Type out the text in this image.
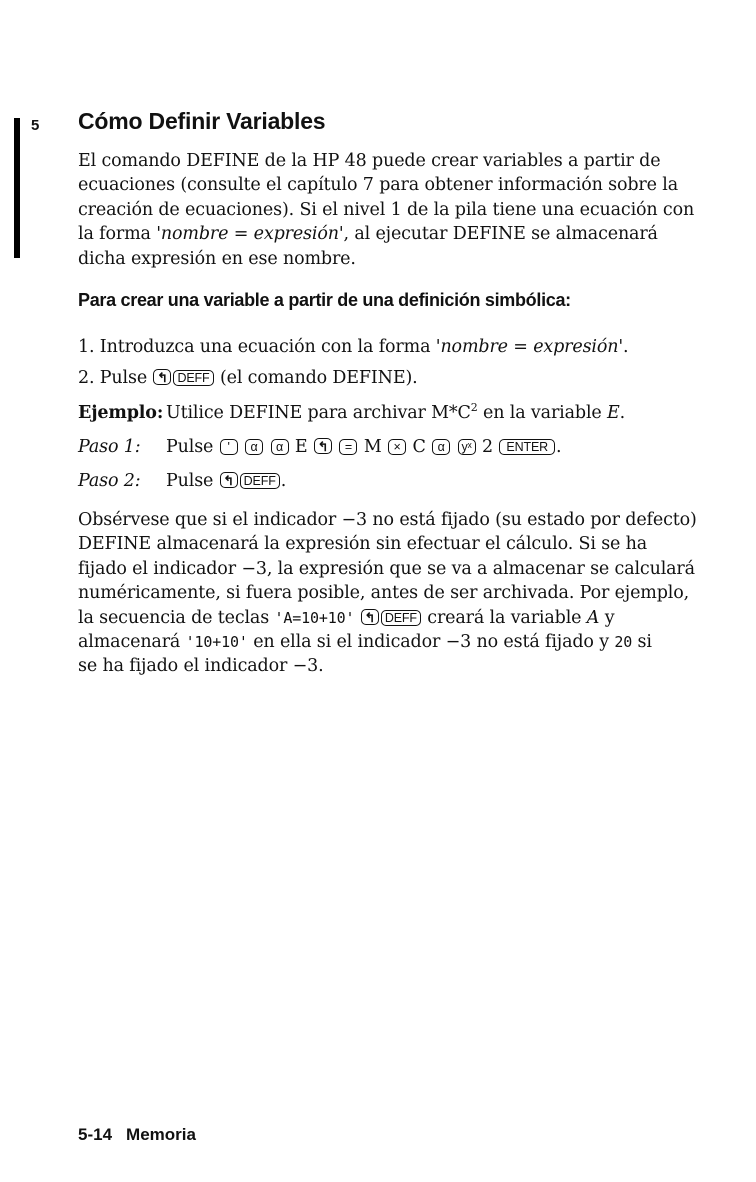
5 Cómo Definir Variables
El comando DEFINE de la HP 48 puede crear variables a partir de
ecuaciones (consulte el capítulo 7 para obtener información sobre la
creación de ecuaciones). Si el nivel 1 de la pila tiene una ecuación con
la forma 'nombre = expresión', al ejecutar DEFINE se almacenará
dicha expresión en ese nombre.
Para crear una variable a partir de una definición simbólica:
1. Introduzca una ecuación con la forma 'nombre = expresión'.
2. Pulse ↰ DEFF (el comando DEFINE).
Ejemplo: Utilice DEFINE para archivar $M*C^2$ en la variable E.
Paso 1: Pulse ' α α E ↰ = M × C α yˣ 2 ENTER .
Paso 2: Pulse ↰ DEFF .
Obsérvese que si el indicador −3 no está fijado (su estado por defecto)
DEFINE almacenará la expresión sin efectuar el cálculo. Si se ha
fijado el indicador −3, la expresión que se va a almacenar se calculará
numéricamente, si fuera posible, antes de ser archivada. Por ejemplo,
la secuencia de teclas 'A=10+10' ↰ DEFF creará la variable A y
almacenará '10+10' en ella si el indicador −3 no está fijado y 20 si
se ha fijado el indicador −3.
5-14 Memoria
